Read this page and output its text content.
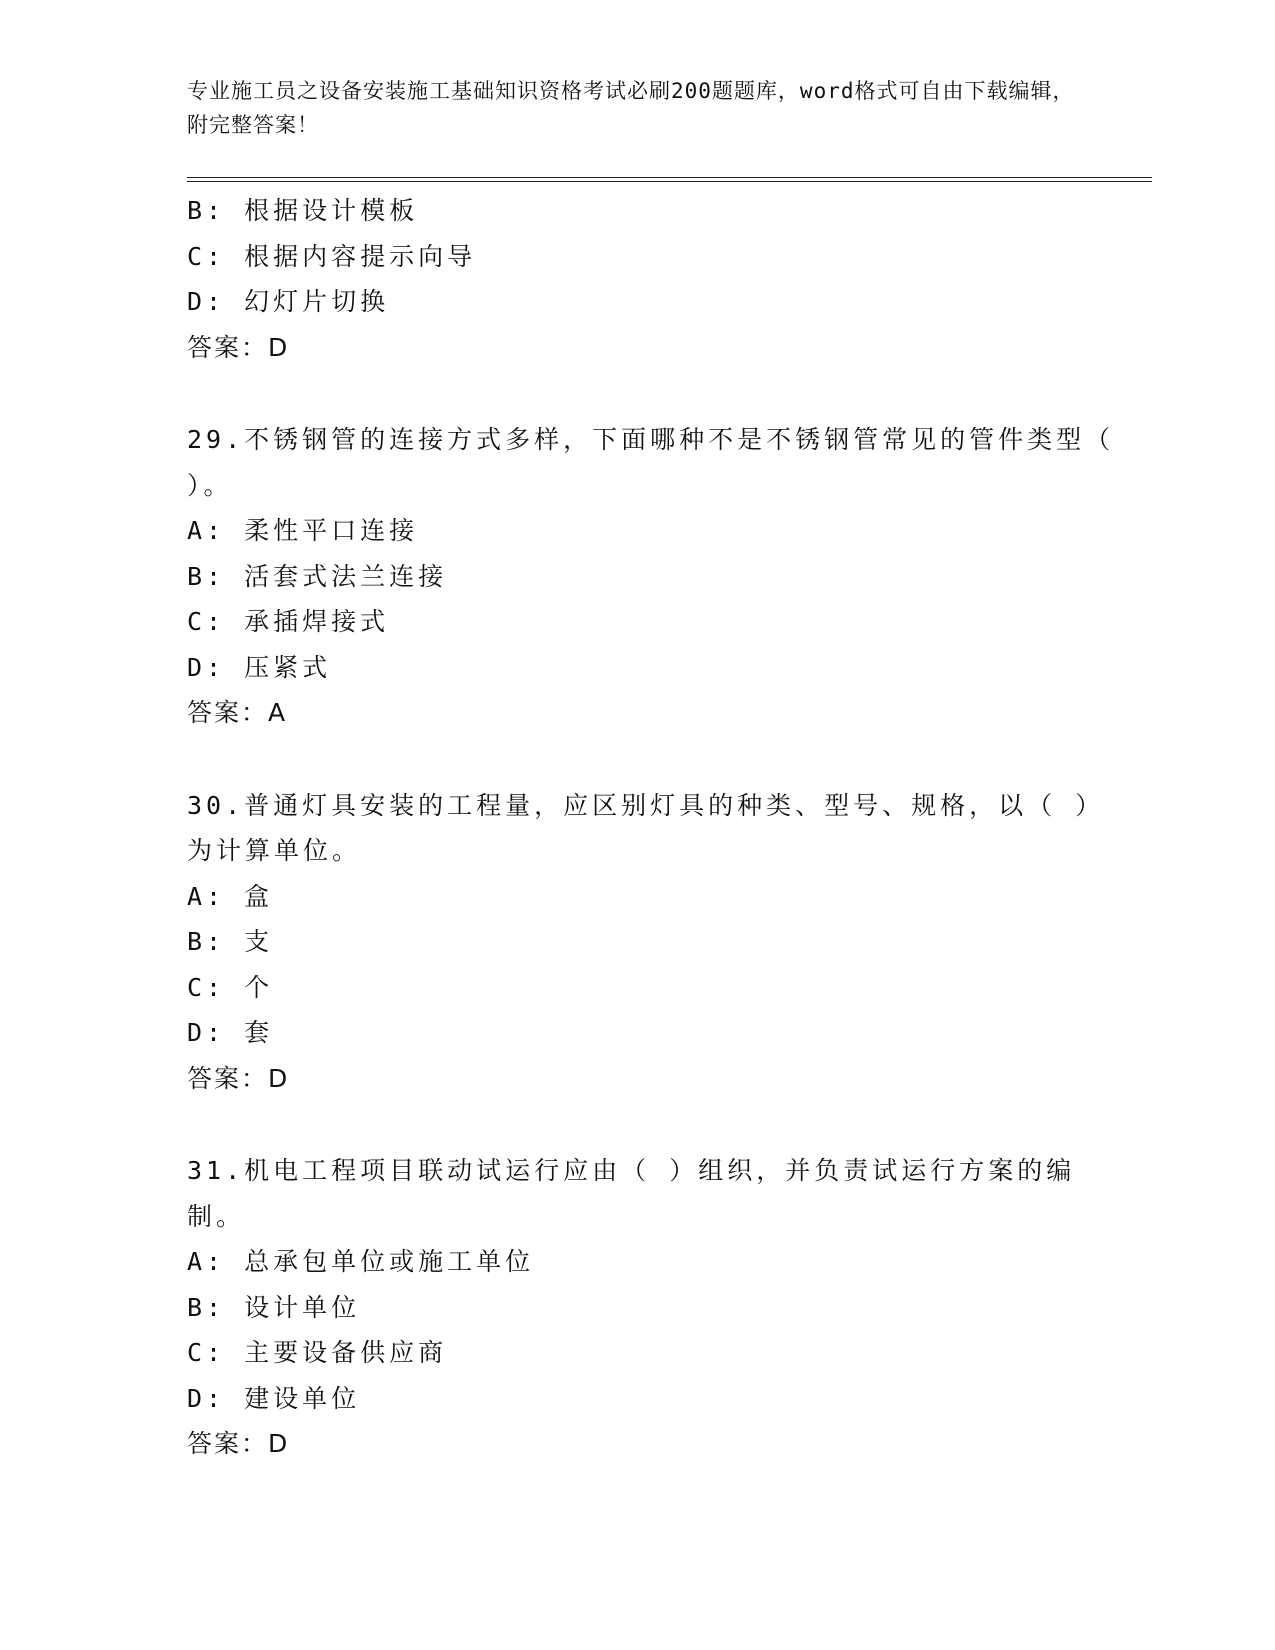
专业施工员之设备安装施工基础知识资格考试必刷200题题库，word格式可自由下载编辑，附完整答案！
B: 根据设计模板
C: 根据内容提示向导
D: 幻灯片切换
答案：D
29.不锈钢管的连接方式多样，下面哪种不是不锈钢管常见的管件类型（ ）。
A: 柔性平口连接
B: 活套式法兰连接
C: 承插焊接式
D: 压紧式
答案：A
30.普通灯具安装的工程量，应区别灯具的种类、型号、规格，以（ ）为计算单位。
A: 盒
B: 支
C: 个
D: 套
答案：D
31.机电工程项目联动试运行应由（ ）组织，并负责试运行方案的编制。
A: 总承包单位或施工单位
B: 设计单位
C: 主要设备供应商
D: 建设单位
答案：D
